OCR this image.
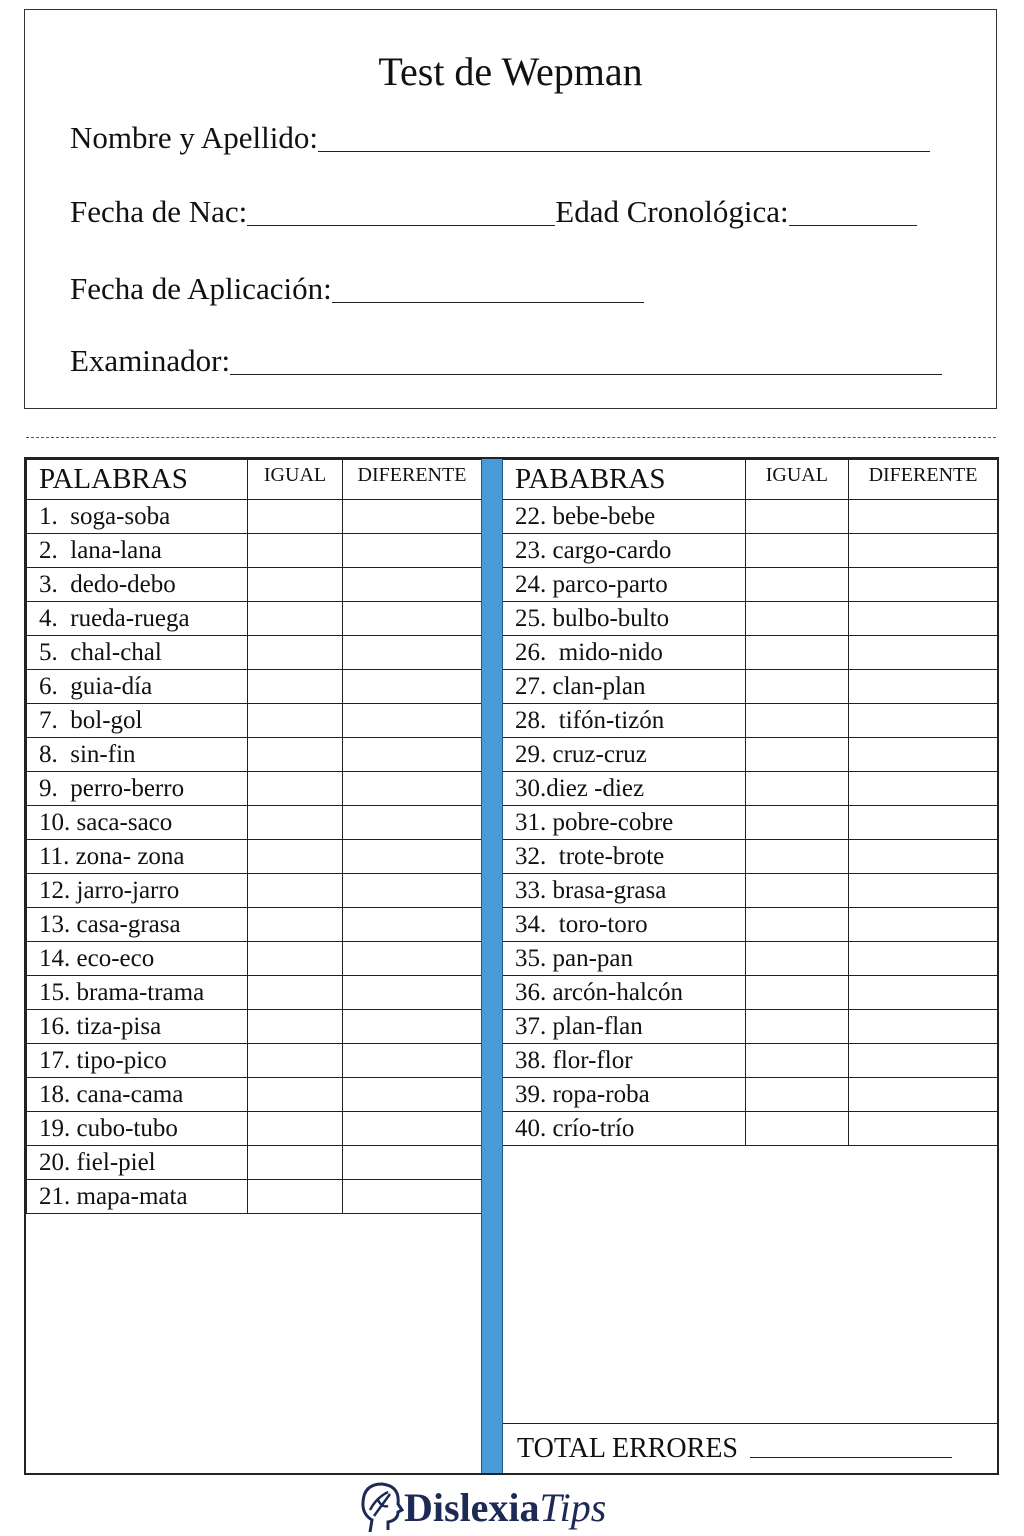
Test de Wepman
Nombre y Apellido:
Fecha de Nac:	Edad Cronológica:
Fecha de Aplicación:
Examinador:
PALABRAS	IGUAL	DIFERENTE
1.  soga-soba		
2.  lana-lana		
3.  dedo-debo		
4.  rueda-ruega		
5.  chal-chal		
6.  guia-día		
7.  bol-gol		
8.  sin-fin		
9.  perro-berro		
10. saca-saco		
11. zona- zona		
12. jarro-jarro		
13. casa-grasa		
14. eco-eco		
15. brama-trama		
16. tiza-pisa		
17. tipo-pico		
18. cana-cama		
19. cubo-tubo		
20. fiel-piel		
21. mapa-mata		
PABABRAS	IGUAL	DIFERENTE
22. bebe-bebe		
23. cargo-cardo		
24. parco-parto		
25. bulbo-bulto		
26.  mido-nido		
27. clan-plan		
28.  tifón-tizón		
29. cruz-cruz		
30.diez -diez		
31. pobre-cobre		
32.  trote-brote		
33. brasa-grasa		
34.  toro-toro		
35. pan-pan		
36. arcón-halcón		
37. plan-flan		
38. flor-flor		
39. ropa-roba		
40. crío-trío		
TOTAL ERRORES
DislexiaTips
